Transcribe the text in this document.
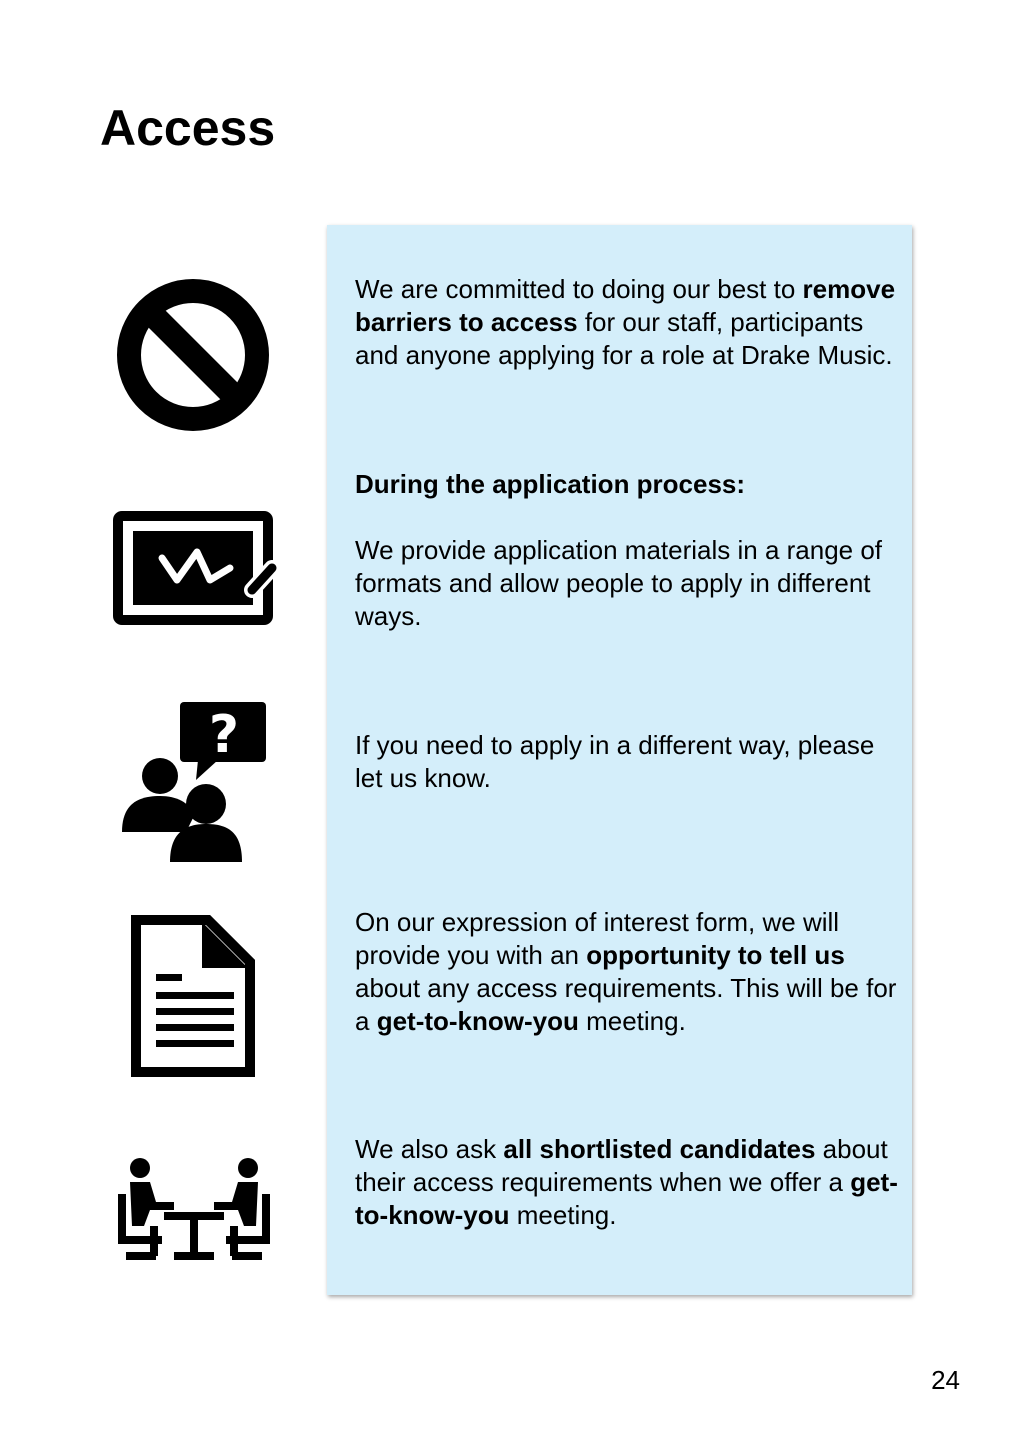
Access
?

We are committed to doing our best to remove barriers to access for our staff, participants and anyone applying for a role at Drake Music.

During the application process:

We provide application materials in a range of formats and allow people to apply in different ways.

If you need to apply in a different way, please let us know.

On our expression of interest form, we will provide you with an opportunity to tell us about any access requirements. This will be for a get-to-know-you meeting.

We also ask all shortlisted candidates about their access requirements when we offer a get-to-know-you meeting.

24
